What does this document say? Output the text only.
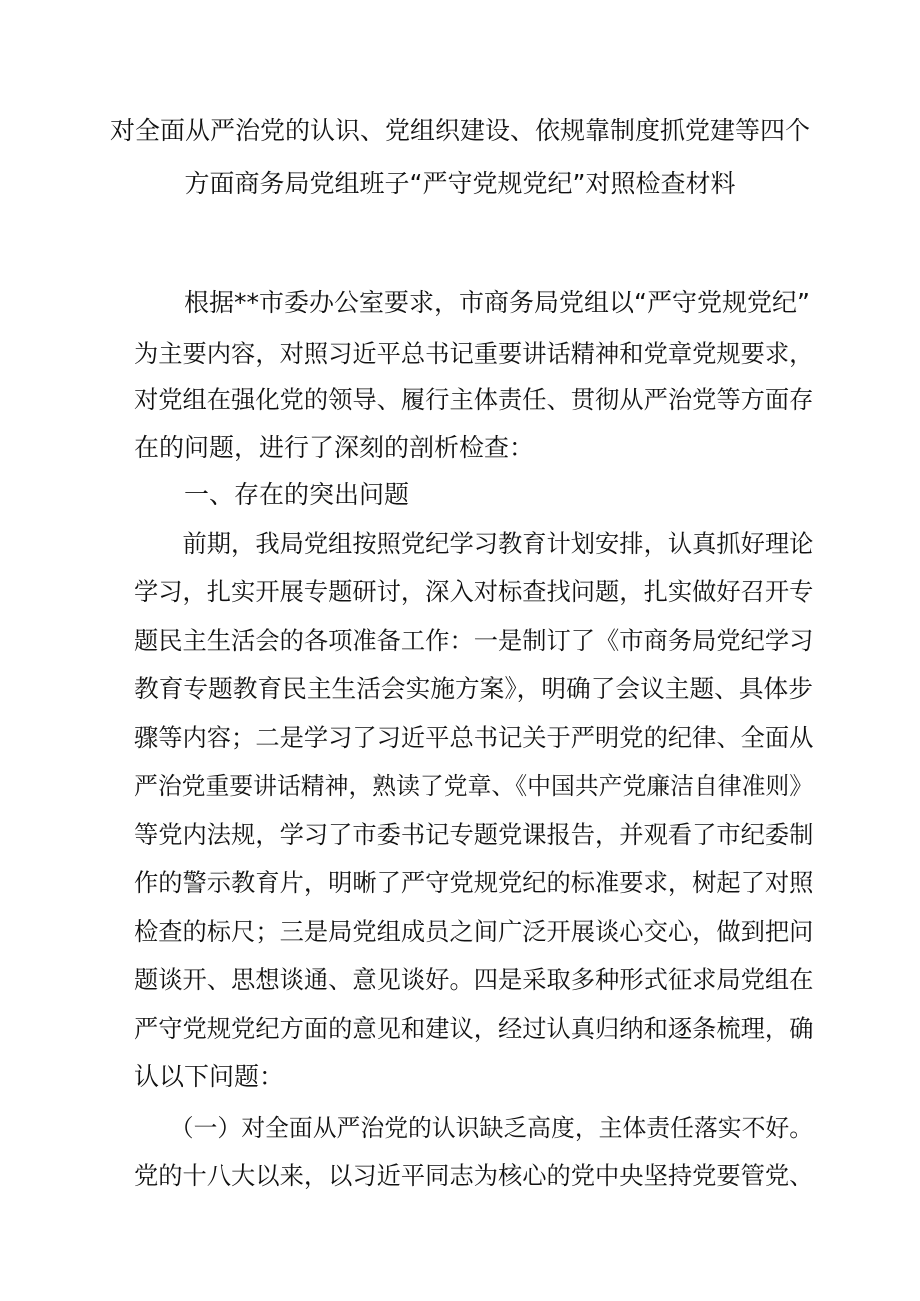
对全面从严治党的认识、党组织建设、依规靠制度抓党建等四个
方面商务局党组班子“严守党规党纪”对照检查材料
　　根据**市委办公室要求，市商务局党组以“严守党规党纪”
为主要内容，对照习近平总书记重要讲话精神和党章党规要求，
对党组在强化党的领导、履行主体责任、贯彻从严治党等方面存
在的问题，进行了深刻的剖析检查：
　　一、存在的突出问题
　　前期，我局党组按照党纪学习教育计划安排，认真抓好理论
学习，扎实开展专题研讨，深入对标查找问题，扎实做好召开专
题民主生活会的各项准备工作：一是制订了《市商务局党纪学习
教育专题教育民主生活会实施方案》，明确了会议主题、具体步
骤等内容；二是学习了习近平总书记关于严明党的纪律、全面从
严治党重要讲话精神，熟读了党章、《中国共产党廉洁自律准则》
等党内法规，学习了市委书记专题党课报告，并观看了市纪委制
作的警示教育片，明晰了严守党规党纪的标准要求，树起了对照
检查的标尺；三是局党组成员之间广泛开展谈心交心，做到把问
题谈开、思想谈通、意见谈好。四是采取多种形式征求局党组在
严守党规党纪方面的意见和建议，经过认真归纳和逐条梳理，确
认以下问题：
　　（一）对全面从严治党的认识缺乏高度，主体责任落实不好。
党的十八大以来，以习近平同志为核心的党中央坚持党要管党、
